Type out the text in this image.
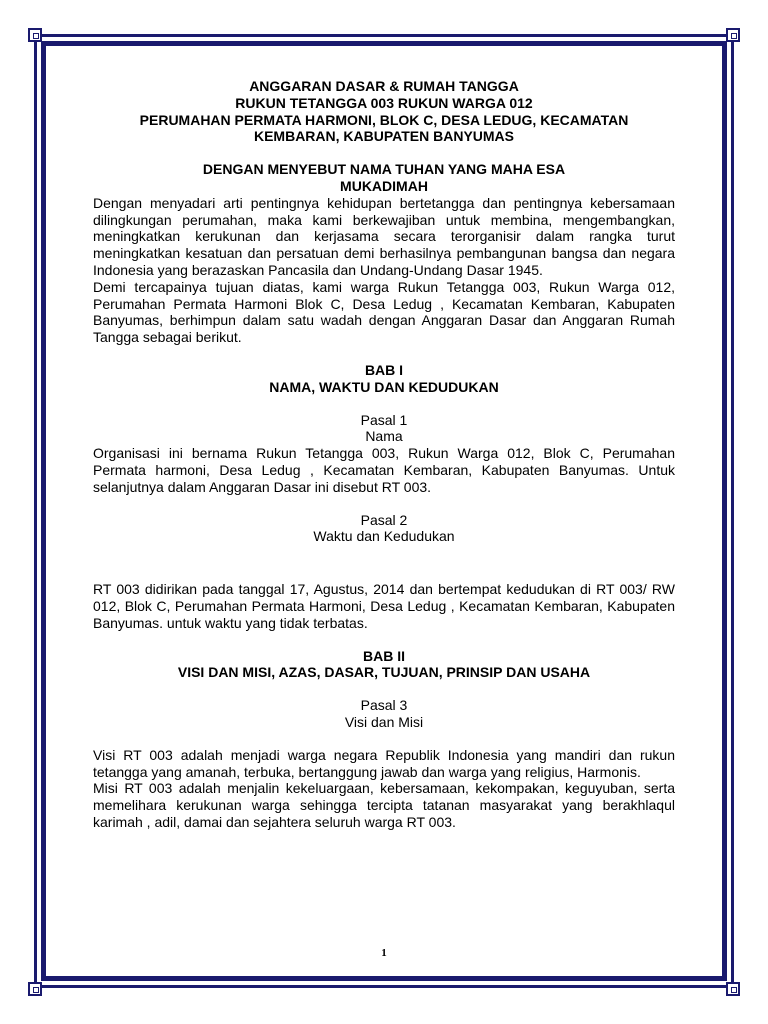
ANGGARAN DASAR & RUMAH TANGGA
RUKUN TETANGGA 003 RUKUN WARGA 012
PERUMAHAN PERMATA HARMONI, BLOK C, DESA LEDUG, KECAMATAN
KEMBARAN, KABUPATEN BANYUMAS
DENGAN MENYEBUT NAMA TUHAN YANG MAHA ESA
MUKADIMAH

Dengan menyadari arti pentingnya kehidupan bertetangga dan pentingnya kebersamaan dilingkungan perumahan, maka kami berkewajiban untuk membina, mengembangkan, meningkatkan kerukunan dan kerjasama secara terorganisir dalam rangka turut meningkatkan kesatuan dan persatuan demi berhasilnya pembangunan bangsa dan negara Indonesia yang berazaskan Pancasila dan Undang-Undang Dasar 1945.

Demi tercapainya tujuan diatas, kami warga Rukun Tetangga 003, Rukun Warga 012, Perumahan Permata Harmoni Blok C, Desa Ledug , Kecamatan Kembaran, Kabupaten Banyumas, berhimpun dalam satu wadah dengan Anggaran Dasar dan Anggaran Rumah Tangga sebagai berikut.

BAB I
NAMA, WAKTU DAN KEDUDUKAN
Pasal 1
Nama

Organisasi ini bernama Rukun Tetangga 003, Rukun Warga 012, Blok C, Perumahan Permata harmoni, Desa Ledug , Kecamatan Kembaran, Kabupaten Banyumas. Untuk selanjutnya dalam Anggaran Dasar ini disebut RT 003.

Pasal 2
Waktu dan Kedudukan

RT 003 didirikan pada tanggal 17, Agustus, 2014 dan bertempat kedudukan di RT 003/ RW 012, Blok C, Perumahan Permata Harmoni, Desa Ledug , Kecamatan Kembaran, Kabupaten Banyumas. untuk waktu yang tidak terbatas.

BAB II
VISI DAN MISI, AZAS, DASAR, TUJUAN, PRINSIP DAN USAHA
Pasal 3
Visi dan Misi

Visi RT 003 adalah menjadi warga negara Republik Indonesia yang mandiri dan rukun tetangga yang amanah, terbuka, bertanggung jawab dan warga yang religius, Harmonis.

Misi RT 003 adalah menjalin kekeluargaan, kebersamaan, kekompakan, keguyuban, serta memelihara kerukunan warga sehingga tercipta tatanan masyarakat yang berakhlaqul karimah , adil, damai dan sejahtera seluruh warga RT 003.

1
